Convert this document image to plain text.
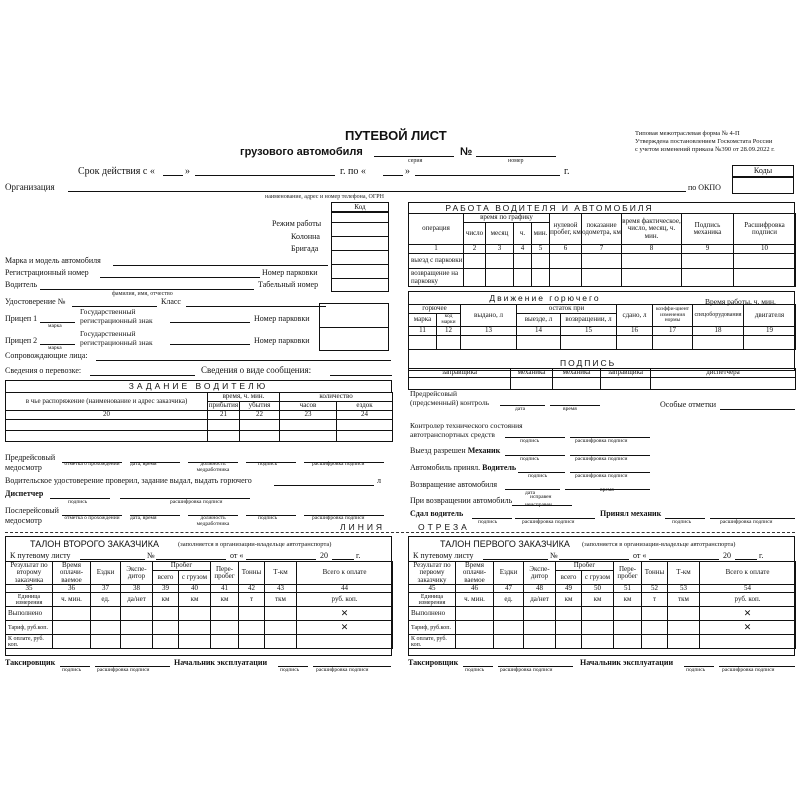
ПУТЕВОЙ ЛИСТ
грузового автомобиля	№
серия	номер
Типовая межотраслевая форма № 4-П
Утверждена постановлением Госкомстата России
с учетом изменений приказа №390 от 28.09.2022 г.
Срок действия с «	»	г. по «	»	г.	Коды
Организация	по ОКПО
наименование, адрес и номер телефона, ОГРН
Код
Режим работы
Колонна
Бригада
Марка и модель автомобиля
Регистрационный номер	Номер парковки
Водитель	Табельный номер
фамилия, имя, отчество
Удостоверение №	Класс
Прицеп 1
марка
Государственный регистрационный знак	Номер парковки
Прицеп 2
марка
Государственный регистрационный знак	Номер парковки
Сопровождающие лица:
Сведения о перевозке:	Сведения о виде сообщения:
РАБОТА ВОДИТЕЛЯ И АВТОМОБИЛЯ
операция	время по графику				нулевой пробег, км	показание одометра, км	время фактическое, число, месяц, ч. мин.	Подпись механика	Расшифровка подписи
	число	месяц	ч.	мин.					
1	2	3	4	5	6	7	8	9	10
выезд с парковки									
возвращение на парковку									
Движение горючего	Время работы, ч. мин.
горючее		выдано, л	остаток при		сдано, л	коэффи-циент изменения нормы	спецоборудования	двигателя
марка	код марки		выезде, л	возвращении, л				
11	12	13	14	15	16	17	18	19

ПОДПИСЬ
заправщика	механика	механика	заправщика	диспетчера

ЗАДАНИЕ ВОДИТЕЛЮ
в чье распоряжение (наименование и адрес заказчика)	время, ч. мин.		количество	
	прибытия	убытия	часов	ездок
20	21	22	23	24

Предрейсовый медосмотр	отметка о прохождении	дата, время	должность медработника
подпись	расшифровка подписи
Водительское удостоверение проверил, задание выдал, выдать горючего	л
Диспетчер
подпись	расшифровка подписи
Послерейсовый медосмотр	отметка о прохождении	дата, время	должность медработника
подпись	расшифровка подписи
Предрейсовый (предсменный) контроль
дата	время	Особые отметки
Контролер технического состояния автотранспортных средств
подпись	расшифровка подписи
Выезд разрешен Механик
подпись	расшифровка подписи
Автомобиль принял. Водитель
подпись	расшифровка подписи
Возвращение автомобиля
дата	время
При возвращении автомобиль	исправен
неисправен
Сдал водитель
подпись	расшифровка подписи
Принял механик
подпись	расшифровка подписи
ЛИНИЯ	ОТРЕЗА
ТАЛОН ВТОРОГО ЗАКАЗЧИКА	(заполняется в организации-владельце автотранспорта)
К путевому листу	№	от «	20	г.
Результат по второму заказчика	Время оплачи-ваемое	Ездки	Экспе-дитор	Пробег		Пере-пробег	Тонны	Т-км	Всего к оплате
				всего	с грузом				
35	36	37	38	39	40	41	42	43	44
Единица измерения	ч. мин.	ед.	да/нет	км	км	км	т	ткм	руб. коп.
Выполнено									✕
Тариф, руб.коп.									✕
К оплате, руб. коп.									
Таксировщик
подпись	расшифровка подписи
Начальник эксплуатации
подпись	расшифровка подписи
ТАЛОН ПЕРВОГО ЗАКАЗЧИКА (заполняется в организации-владельце автотранспорта)
К путевому листу	№	от «	20	г.
Результат по первому заказчику	Время оплачи-ваемое	Ездки	Экспе-дитор	Пробег		Пере-пробег	Тонны	Т-км	Всего к оплате
				всего	с грузом				
45	46	47	48	49	50	51	52	53	54
Единица измерения	ч. мин.	ед.	да/нет	км	км	км	т	ткм	руб. коп.
Выполнено									✕
Тариф, руб.коп.									✕
К оплате, руб. коп.									
Таксировщик
подпись	расшифровка подписи
Начальник эксплуатации
подпись	расшифровка подписи
